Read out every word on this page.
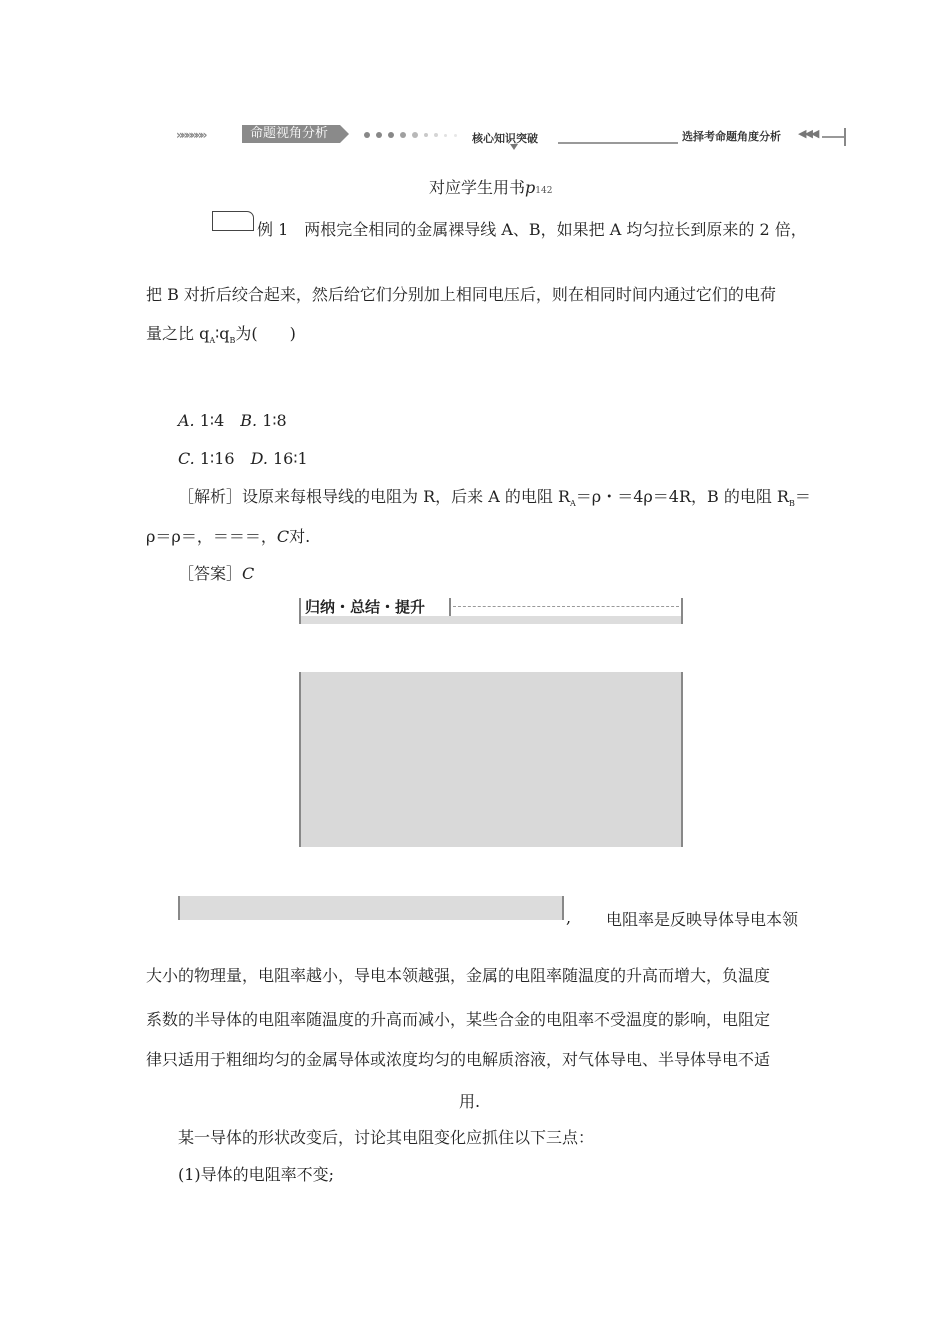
»»»»»»	命题视角分析	核心知识突破	选择考命题角度分析 ◀◀◀
对应学生用书p142
例 1　两根完全相同的金属裸导线 A、B，如果把 A 均匀拉长到原来的 2 倍，
把 B 对折后绞合起来，然后给它们分别加上相同电压后，则在相同时间内通过它们的电荷
量之比 $q_A∶q_B$为(　　)
A. 1∶4　B. 1∶8
C. 1∶16　D. 16∶1
［解析］设原来每根导线的电阻为 R，后来 A 的电阻 $R_A=\rho$・＝4ρ＝4R，B 的电阻 $R_B=$
ρ＝ρ＝，＝＝＝，C对.
［答案］C
归纳・总结・提升
, 电阻率是反映导体导电本领
大小的物理量，电阻率越小，导电本领越强，金属的电阻率随温度的升高而增大，负温度
系数的半导体的电阻率随温度的升高而减小，某些合金的电阻率不受温度的影响，电阻定
律只适用于粗细均匀的金属导体或浓度均匀的电解质溶液，对气体导电、半导体导电不适
用.
某一导体的形状改变后，讨论其电阻变化应抓住以下三点：
(1)导体的电阻率不变;
